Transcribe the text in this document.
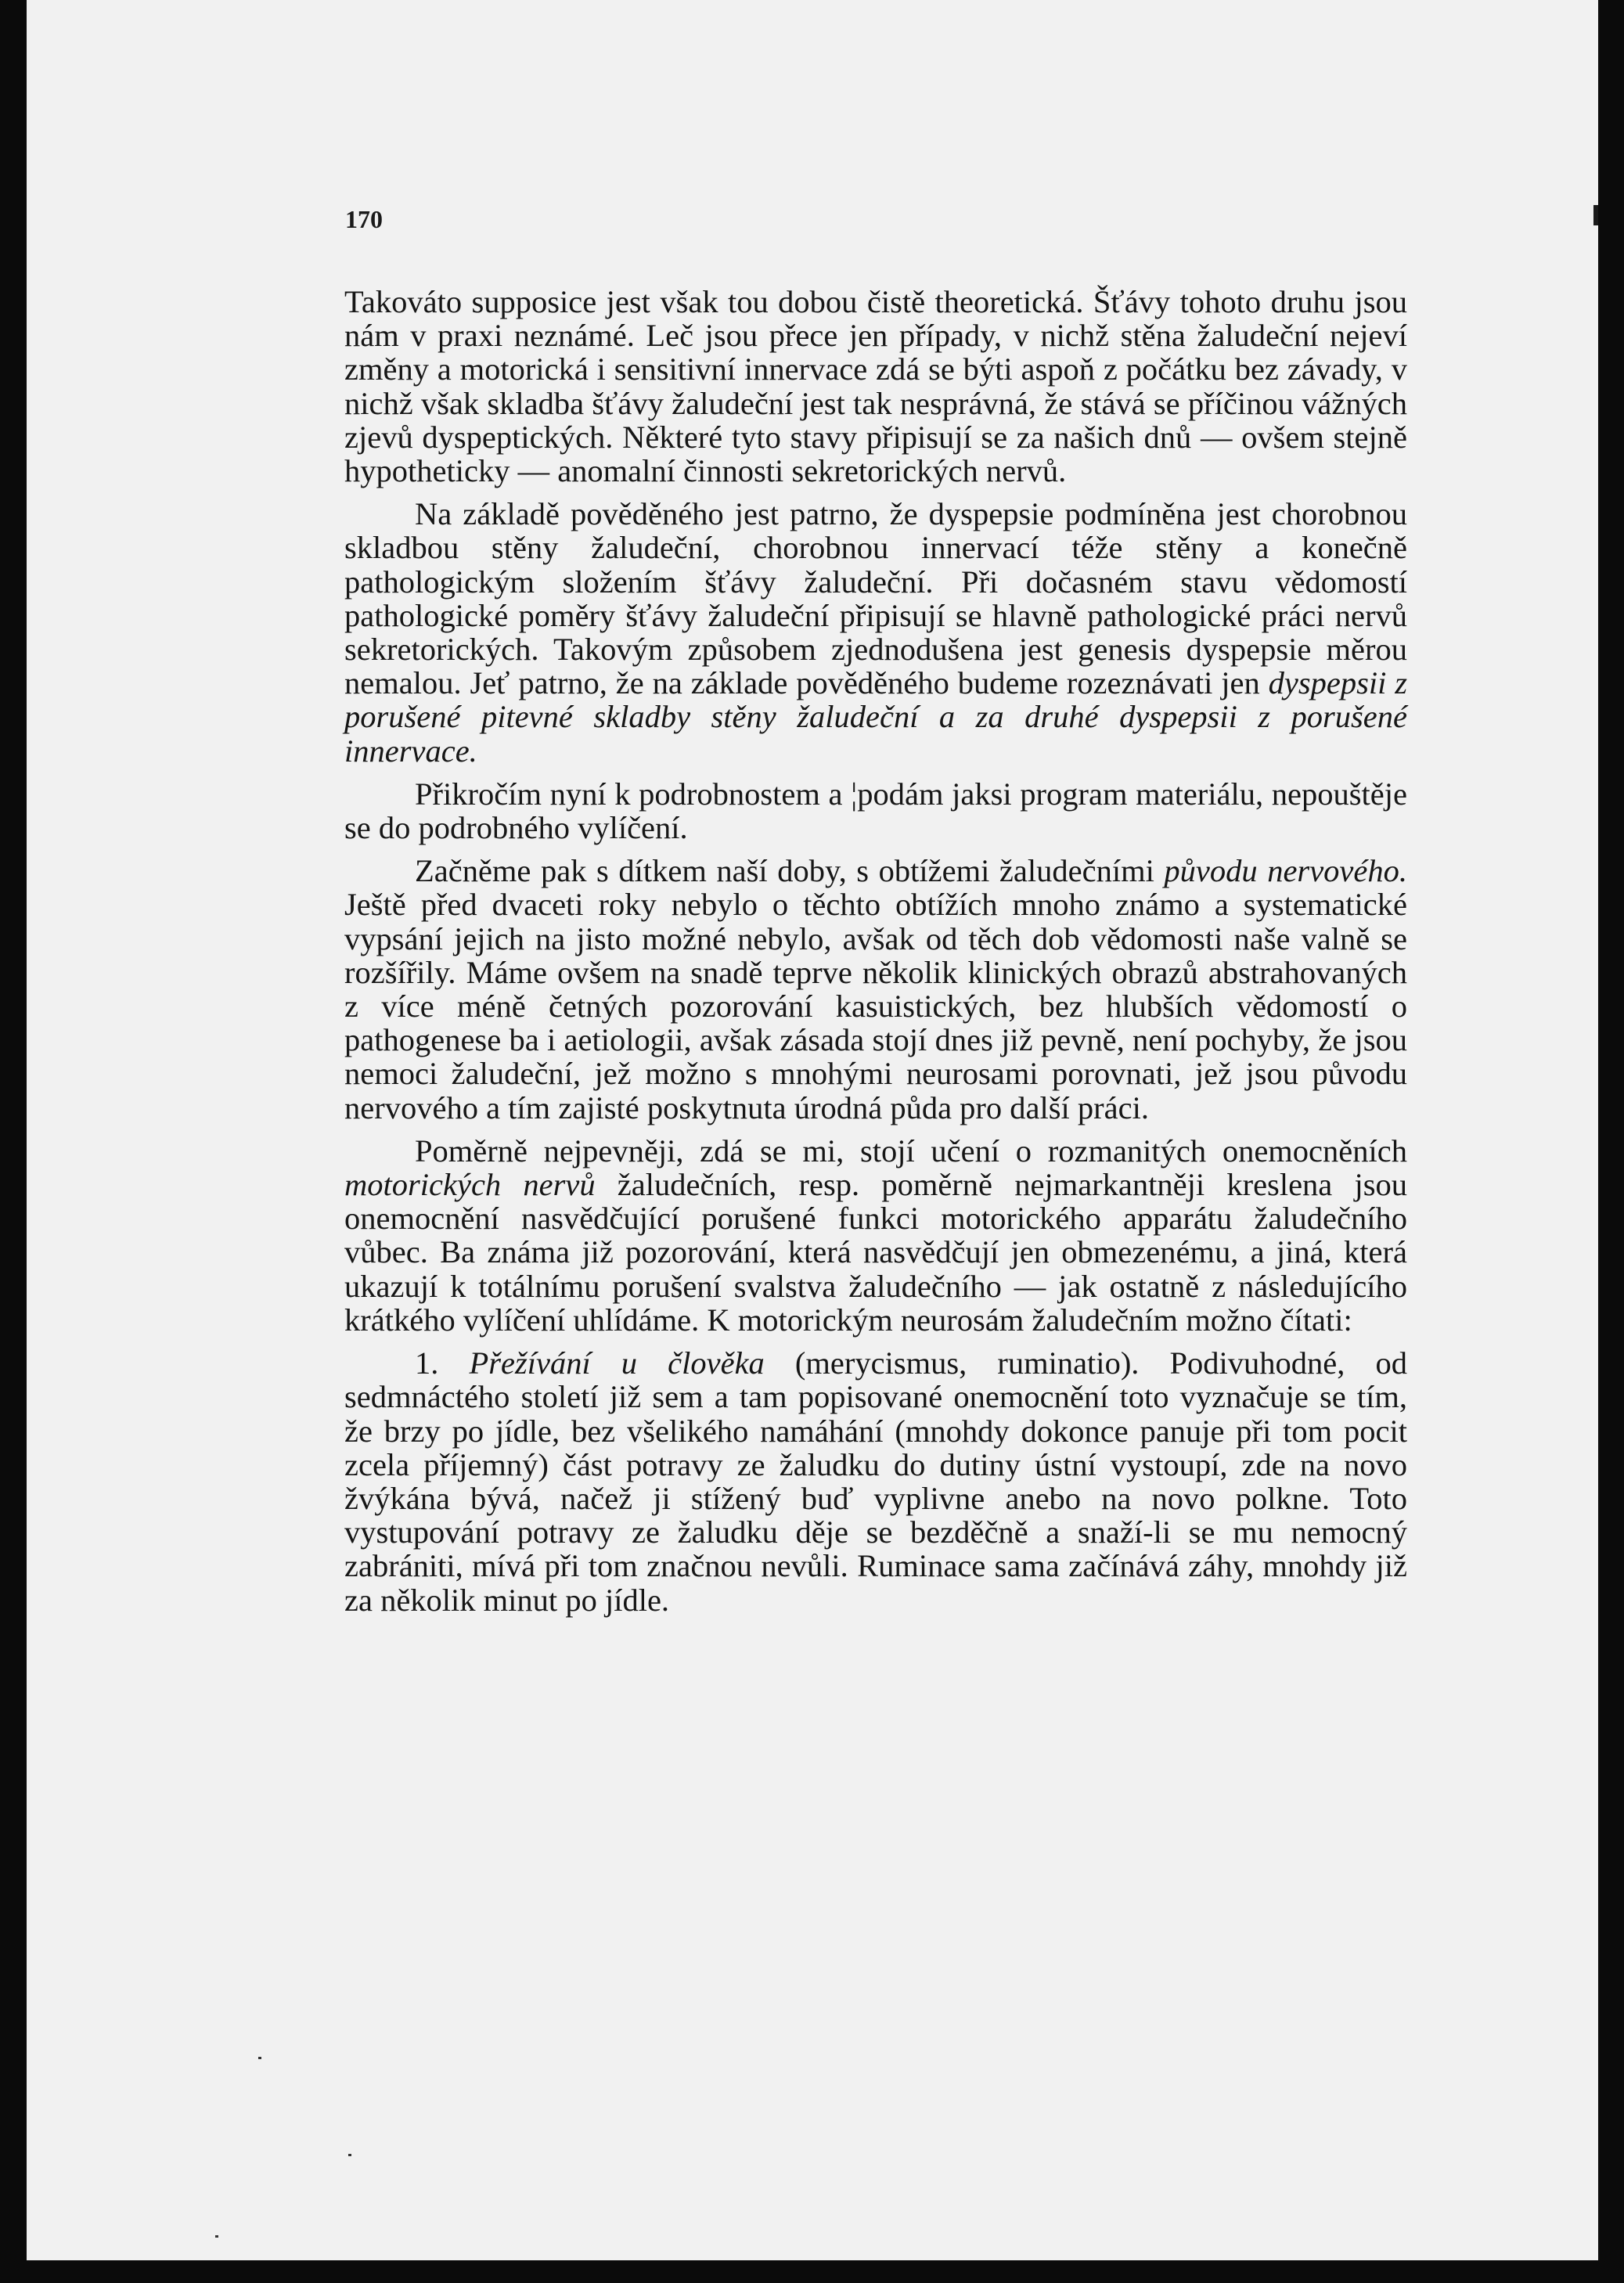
170

Takováto supposice jest však tou dobou čistě theoretická. Šťávy tohoto druhu jsou nám v praxi neznámé. Leč jsou přece jen případy, v nichž stěna žaludeční nejeví změny a motorická i sensitivní innervace zdá se býti aspoň z počátku bez závady, v nichž však skladba šťávy žaludeční jest tak nesprávná, že stává se příčinou vážných zjevů dyspeptických. Některé tyto stavy připisují se za našich dnů — ovšem stejně hypotheticky — anomalní činnosti sekretorických nervů.

Na základě pověděného jest patrno, že dyspepsie podmíněna jest chorobnou skladbou stěny žaludeční, chorobnou innervací téže stěny a konečně pathologickým složením šťávy žaludeční. Při dočasném stavu vědomostí pathologické poměry šťávy žaludeční připisují se hlavně pathologické práci nervů sekretorických. Takovým způsobem zjednodušena jest genesis dyspepsie měrou nemalou. Jeť patrno, že na základe pověděného budeme rozeznávati jen dyspepsii z porušené pitevné skladby stěny žaludeční a za druhé dyspepsii z porušené innervace.

Přikročím nyní k podrobnostem a ¦podám jaksi program materiálu, nepouštěje se do podrobného vylíčení.

Začněme pak s dítkem naší doby, s obtížemi žaludečními původu nervového. Ještě před dvaceti roky nebylo o těchto obtížích mnoho známo a systematické vypsání jejich na jisto možné nebylo, avšak od těch dob vědomosti naše valně se rozšířily. Máme ovšem na snadě teprve několik klinických obrazů abstrahovaných z více méně četných pozorování kasuistických, bez hlubších vědomostí o pathogenese ba i aetiologii, avšak zásada stojí dnes již pevně, není pochyby, že jsou nemoci žaludeční, jež možno s mnohými neurosami porovnati, jež jsou původu nervového a tím zajisté poskytnuta úrodná půda pro další práci.

Poměrně nejpevněji, zdá se mi, stojí učení o rozmanitých onemocněních motorických nervů žaludečních, resp. poměrně nejmarkantněji kreslena jsou onemocnění nasvědčující porušené funkci motorického apparátu žaludečního vůbec. Ba známa již pozorování, která nasvědčují jen obmezenému, a jiná, která ukazují k totálnímu porušení svalstva žaludečního — jak ostatně z následujícího krátkého vylíčení uhlídáme. K motorickým neurosám žaludečním možno čítati:

1. Přežívání u člověka (merycismus, ruminatio). Podivuhodné, od sedmnáctého století již sem a tam popisované onemocnění toto vyznačuje se tím, že brzy po jídle, bez všelikého namáhání (mnohdy dokonce panuje při tom pocit zcela příjemný) část potravy ze žaludku do dutiny ústní vystoupí, zde na novo žvýkána bývá, načež ji stížený buď vyplivne anebo na novo polkne. Toto vystupování potravy ze žaludku děje se bezděčně a snaží-li se mu nemocný zabrániti, mívá při tom značnou nevůli. Ruminace sama začínává záhy, mnohdy již za několik minut po jídle.
